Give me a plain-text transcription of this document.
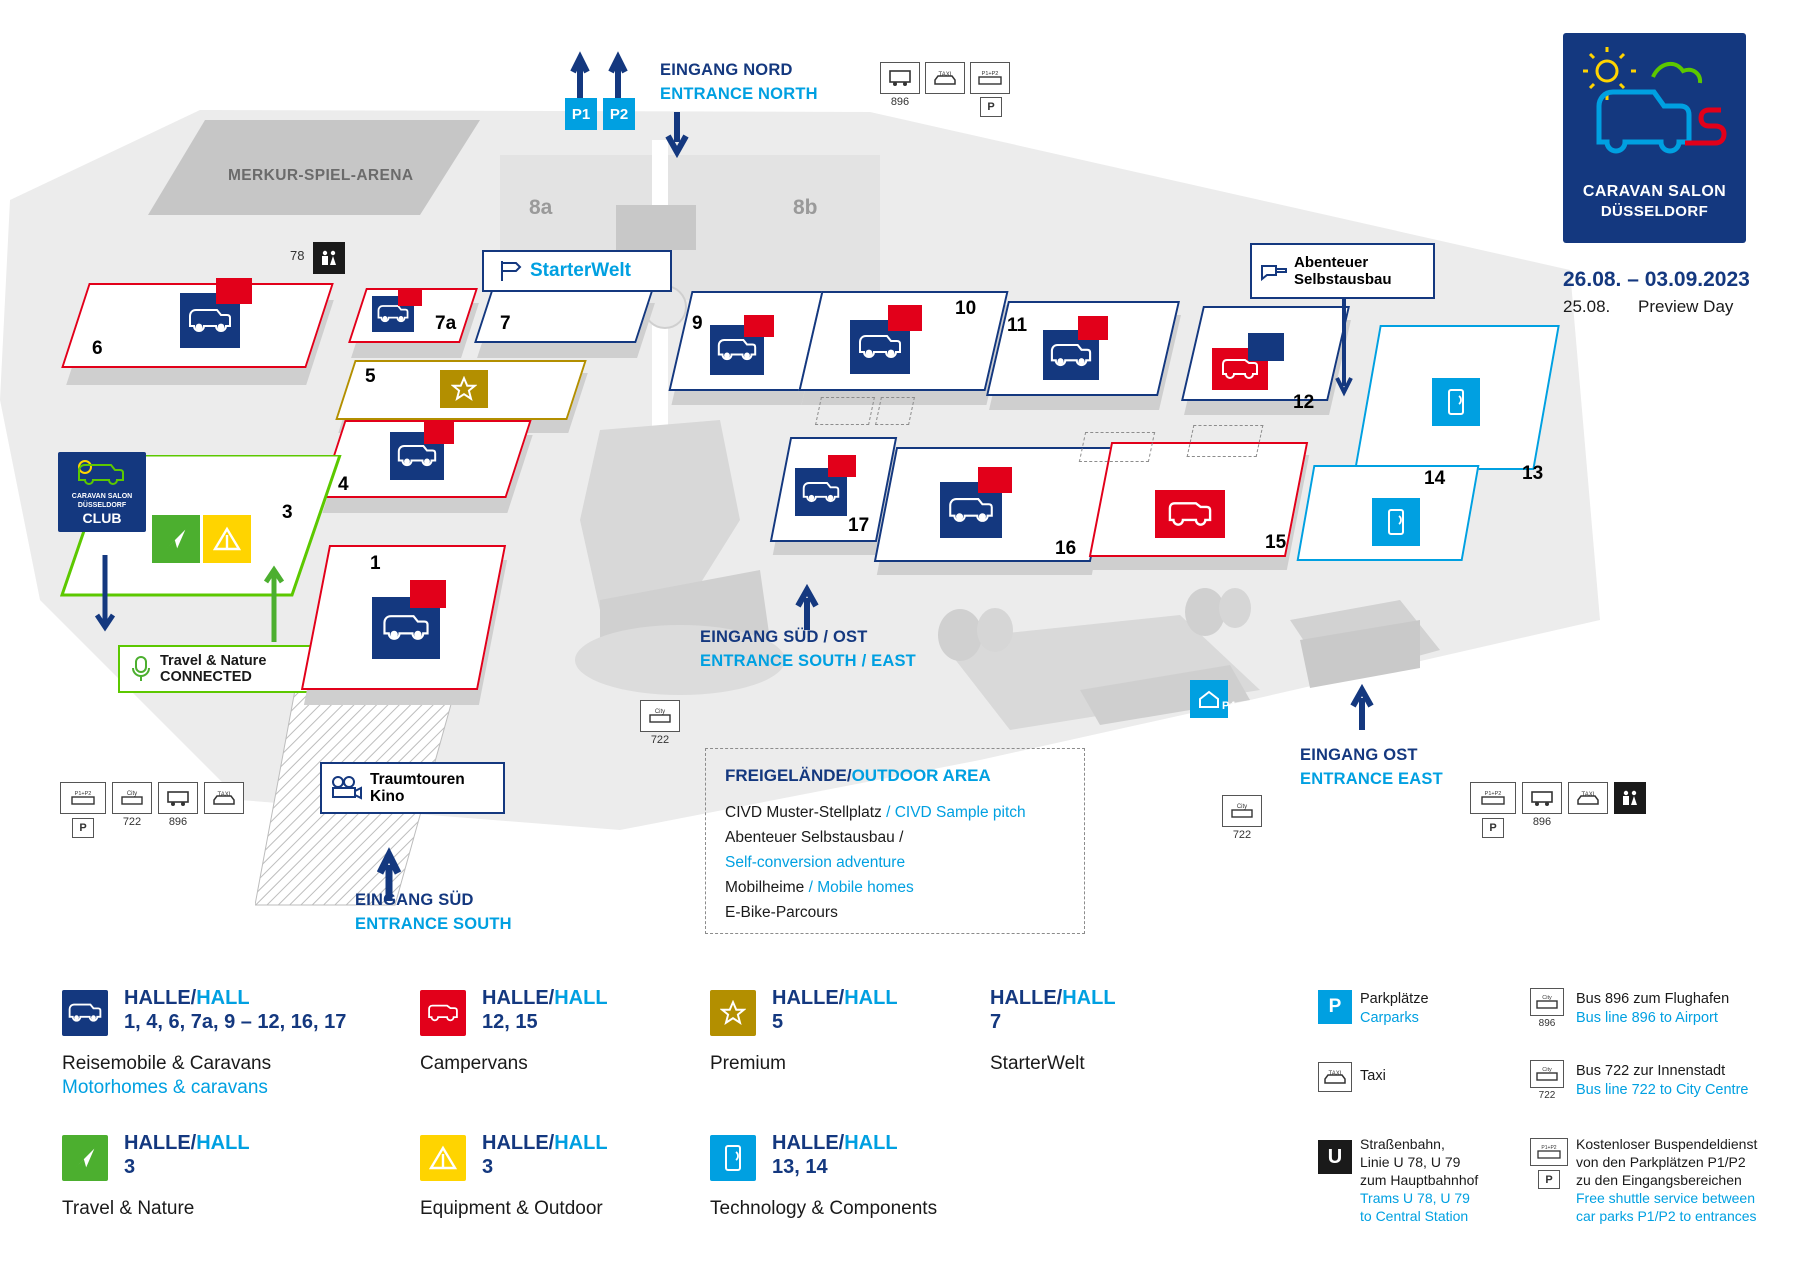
MERKUR-SPIEL-ARENA
8a	8b
6
7a 7
5
4
3
CARAVAN SALON
DÜSSELDORF
CLUB
Travel & Nature
CONNECTED
1
9
10
11
12
13
14
17
16	15
StarterWelt	Abenteuer
Selbstausbau
Traumtouren
Kino
P1	P2
EINGANG NORD
ENTRANCE NORTH
EINGANG SÜD / OST
ENTRANCE SOUTH / EAST
EINGANG OST
ENTRANCE EAST
EINGANG SÜD
ENTRANCE SOUTH
P4
896
TAXI	P1+P2
P
78
City
722
P1+P2
P
City
722	896
TAXI
City
722
P1+P2
P	896
TAXI
FREIGELÄNDE/OUTDOOR AREA
CIVD Muster-Stellplatz / CIVD Sample pitch
Abenteuer Selbstausbau /
Self-conversion adventure
Mobilheime / Mobile homes
E-Bike-Parcours
CARAVAN SALON
DÜSSELDORF
26.08. – 03.09.2023
25.08. Preview Day
HALLE/HALL
1, 4, 6, 7a, 9 – 12, 16, 17
Reisemobile & Caravans
Motorhomes & caravans
HALLE/HALL
12, 15
Campervans
HALLE/HALL
5
Premium
HALLE/HALL
7
StarterWelt
HALLE/HALL
3
Travel & Nature
HALLE/HALL
3
Equipment & Outdoor
HALLE/HALL
13, 14
Technology & Components
P	Parkplätze
Carparks
TAXI Taxi
U
Straßenbahn,
Linie U 78, U 79
zum Hauptbahnhof
Trams U 78, U 79
to Central Station
City
896
Bus 896 zum Flughafen
Bus line 896 to Airport
City
722
Bus 722 zur Innenstadt
Bus line 722 to City Centre
P1+P2
P
Kostenloser Buspendeldienst
von den Parkplätzen P1/P2
zu den Eingangsbereichen
Free shuttle service between
car parks P1/P2 to entrances
